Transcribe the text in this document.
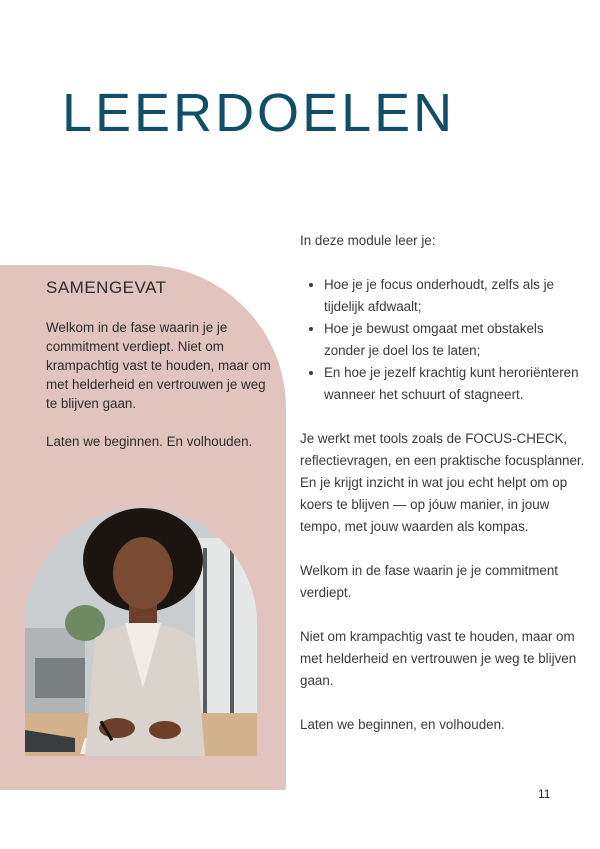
LEERDOELEN
SAMENGEVAT

Welkom in de fase waarin je je commitment verdiept. Niet om krampachtig vast te houden, maar om met helderheid en vertrouwen je weg te blijven gaan.

Laten we beginnen. En volhouden.

In deze module leer je:

• Hoe je je focus onderhoudt, zelfs als je tijdelijk afdwaalt;
• Hoe je bewust omgaat met obstakels zonder je doel los te laten;
• En hoe je jezelf krachtig kunt heroriënteren wanneer het schuurt of stagneert.

Je werkt met tools zoals de FOCUS-CHECK, reflectievragen, en een praktische focusplanner. En je krijgt inzicht in wat jou echt helpt om op koers te blijven — op jóuw manier, in jouw tempo, met jouw waarden als kompas.

Welkom in de fase waarin je je commitment verdiept.

Niet om krampachtig vast te houden, maar om met helderheid en vertrouwen je weg te blijven gaan.

Laten we beginnen, en volhouden.

11
